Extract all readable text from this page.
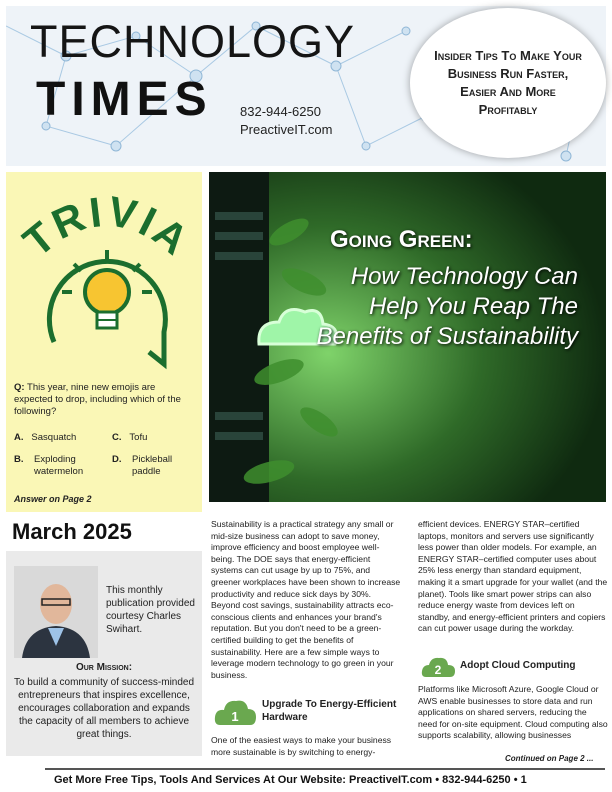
TECHNOLOGY
TIMES 832-944-6250
PreactiveIT.com
Insider Tips To Make Your Business Run Faster, Easier And More Profitably
TRIVIA
Q: This year, nine new emojis are expected to drop, including which of the following?
A. Sasquatch
B.	Exploding watermelon
C. Tofu
D.	Pickleball paddle
Answer on Page 2
Going Green:
How Technology Can Help You Reap The Benefits of Sustainability
March 2025
This monthly publication provided courtesy Charles Swihart.
Our Mission:
To build a community of success-minded entrepreneurs that inspires excellence, encourages collaboration and expands the capacity of all members to achieve great things.
Sustainability is a practical strategy any small or mid-size business can adopt to save money, improve efficiency and boost employee well-being. The DOE says that energy-efficient systems can cut usage by up to 75%, and greener workplaces have been shown to increase productivity and reduce sick days by 30%. Beyond cost savings, sustainability attracts eco-conscious clients and enhances your brand's reputation. But you don't need to be a green-certified building to get the benefits of sustainability. Here are a few simple ways to leverage modern technology to go green in your business.
1
Upgrade To Energy-Efficient Hardware
One of the easiest ways to make your business more sustainable is by switching to energy-
efficient devices. ENERGY STAR–certified laptops, monitors and servers use significantly less power than older models. For example, an ENERGY STAR–certified computer uses about 25% less energy than standard equipment, making it a smart upgrade for your wallet (and the planet). Tools like smart power strips can also reduce energy waste from devices left on standby, and energy-efficient printers and copiers can cut power usage during the workday.
2 Adopt Cloud Computing
Platforms like Microsoft Azure, Google Cloud or AWS enable businesses to store data and run applications on shared servers, reducing the need for on-site equipment. Cloud computing also supports scalability, allowing businesses
Continued on Page 2 ...
Get More Free Tips, Tools And Services At Our Website: PreactiveIT.com • 832-944-6250 • 1
